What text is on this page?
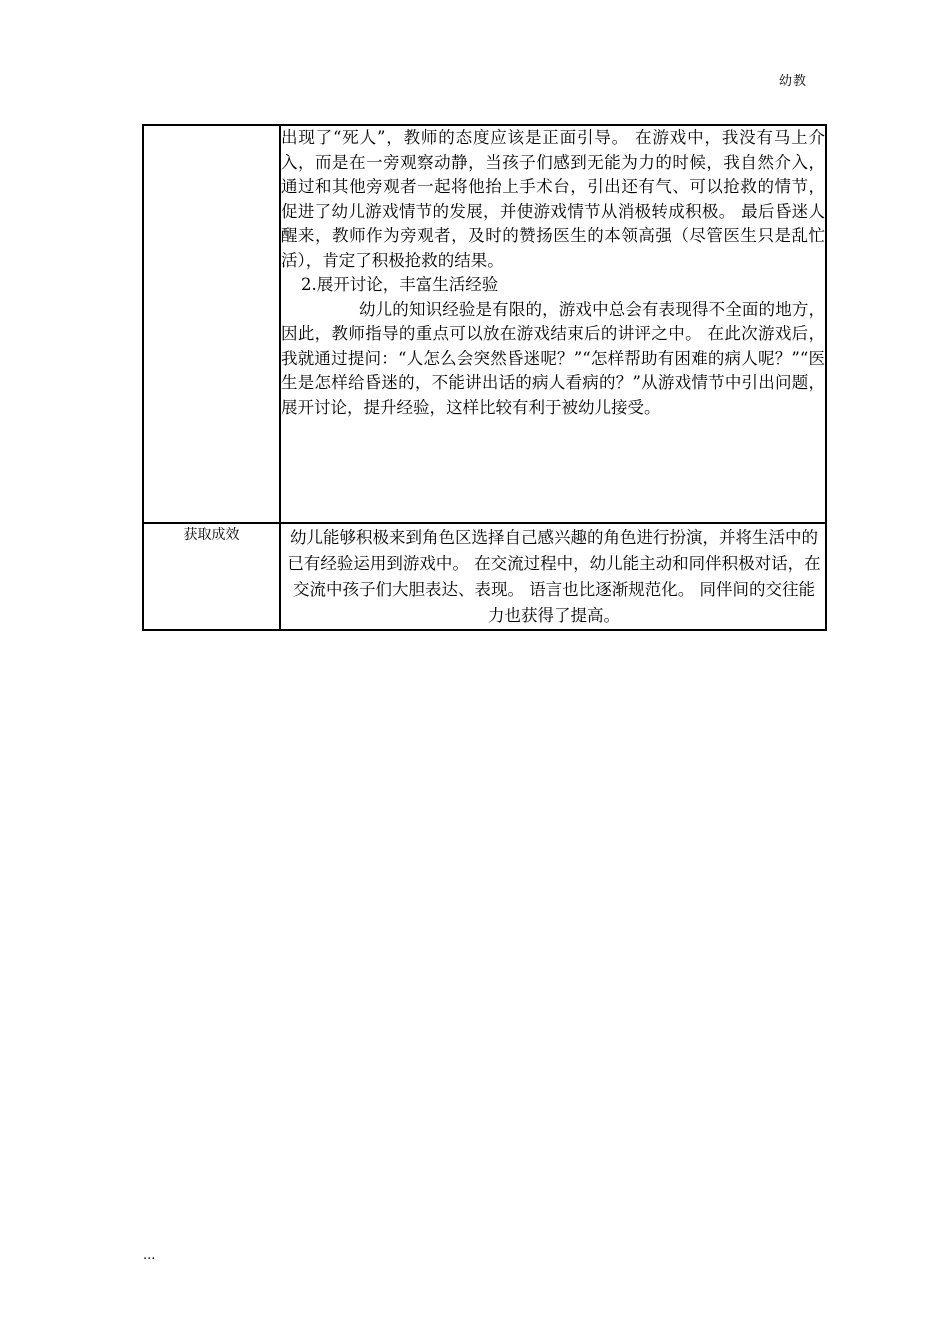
幼教

	出现了“死人”，教师的态度应该是正面引导。 在游戏中，我没有马上介入，而是在一旁观察动静，当孩子们感到无能为力的时候，我自然介入，通过和其他旁观者一起将他抬上手术台，引出还有气、可以抢救的情节，促进了幼儿游戏情节的发展，并使游戏情节从消极转成积极。 最后昏迷人醒来，教师作为旁观者，及时的赞扬医生的本领高强（尽管医生只是乱忙活），肯定了积极抢救的结果。

2.展开讨论，丰富生活经验

幼儿的知识经验是有限的，游戏中总会有表现得不全面的地方，因此，教师指导的重点可以放在游戏结束后的讲评之中。 在此次游戏后，我就通过提问：“人怎么会突然昏迷呢？”“怎样帮助有困难的病人呢？”“医生是怎样给昏迷的，不能讲出话的病人看病的？”从游戏情节中引出问题，展开讨论，提升经验，这样比较有利于被幼儿接受。

获取成效	幼儿能够积极来到角色区选择自己感兴趣的角色进行扮演，并将生活中的已有经验运用到游戏中。 在交流过程中，幼儿能主动和同伴积极对话，在交流中孩子们大胆表达、表现。 语言也比逐渐规范化。 同伴间的交往能力也获得了提高。

...
